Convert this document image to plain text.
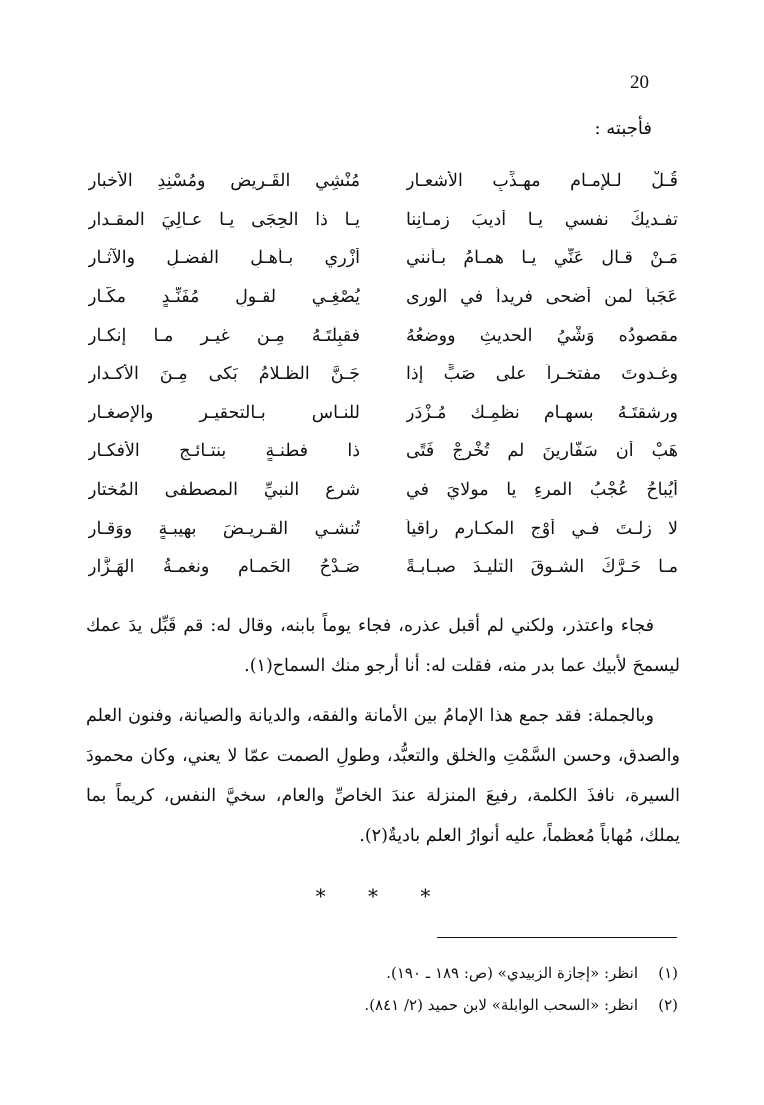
20
فأجبته :
قُـلْ لـلإمـام مهـذِّبِ الأشعـارِ
مُنْشِي القَـريضِ ومُسْنِدِ الأخبارِ
تفـديكَ نفسي يـا أديبَ زمـانِنا
يـا ذا الحِجَى يـا عـالِيَ المقـدارِ
مَـنْ قـال عَنِّي يـا همـامُ بـأنني
أُزْرِي بـأهـلِ الفضـلِ والآثـارِ
عَجَباً لمن أضحى فريداً في الورى
يُصْغِـي لقـولِ مُفَنِّـدٍ مكَّـارِ
مقصودُه وَشْيُ الحديثِ ووضعُهُ
فقبِلْتَـهُ مِـن غيـرِ مـا إنكـارِ
وغـدوتَ مفتخـراً على صَبٍّ إذا
جَـنَّ الظـلامُ بَكى مِـنَ الأكـدارِ
ورشقتَـهُ بسهـامِ نظمِـك مُـزْدَرٍ
للنـاسِ بـالتحقيـرِ والإصغـارِ
هَبْ أن سَفَّارِينَ لم تُخْرِجْ فَتًى
ذا فطنـةٍ بنتـائـجِ الأفكـارِ
أيُباحُ عُجْبُ المرءِ يا مولايَ في
شرعِ النبيِّ المصطفى المُختارِ
لا زلـتَ فـي أَوْجِ المكـارمِ راقياً
تُنشـي القـريـضَ بهيبـةٍ ووَقـارِ
مـا حَـرَّكَ الشـوقَ التليـدَ صبـابـةً
صَـدْحُ الحَمـامِ ونغمـةُ الهَـزَّارِ

فجاء واعتذر، ولكني لم أقبل عذره، فجاء يوماً بابنه، وقال له: قم قَبِّل يدَ عمك ليسمحَ لأبيك عما بدر منه، فقلت له: أنا أرجو منك السماح(١).

وبالجملة: فقد جمع هذا الإمامُ بين الأمانة والفقه، والديانة والصيانة، وفنون العلم والصدق، وحسن السَّمْتِ والخلق والتعبُّد، وطولِ الصمت عمّا لا يعني، وكان محمودَ السيرة، نافذَ الكلمة، رفيعَ المنزلة عندَ الخاصِّ والعام، سخيَّ النفس، كريماً بما يملك، مُهاباً مُعظماً، عليه أنوارُ العلم باديةٌ(٢).

* * *
(١)انظر: «إجازة الزبيدي» (ص: ١٨٩ ـ ١٩٠).
(٢)انظر: «السحب الوابلة» لابن حميد (٢/ ٨٤١).
